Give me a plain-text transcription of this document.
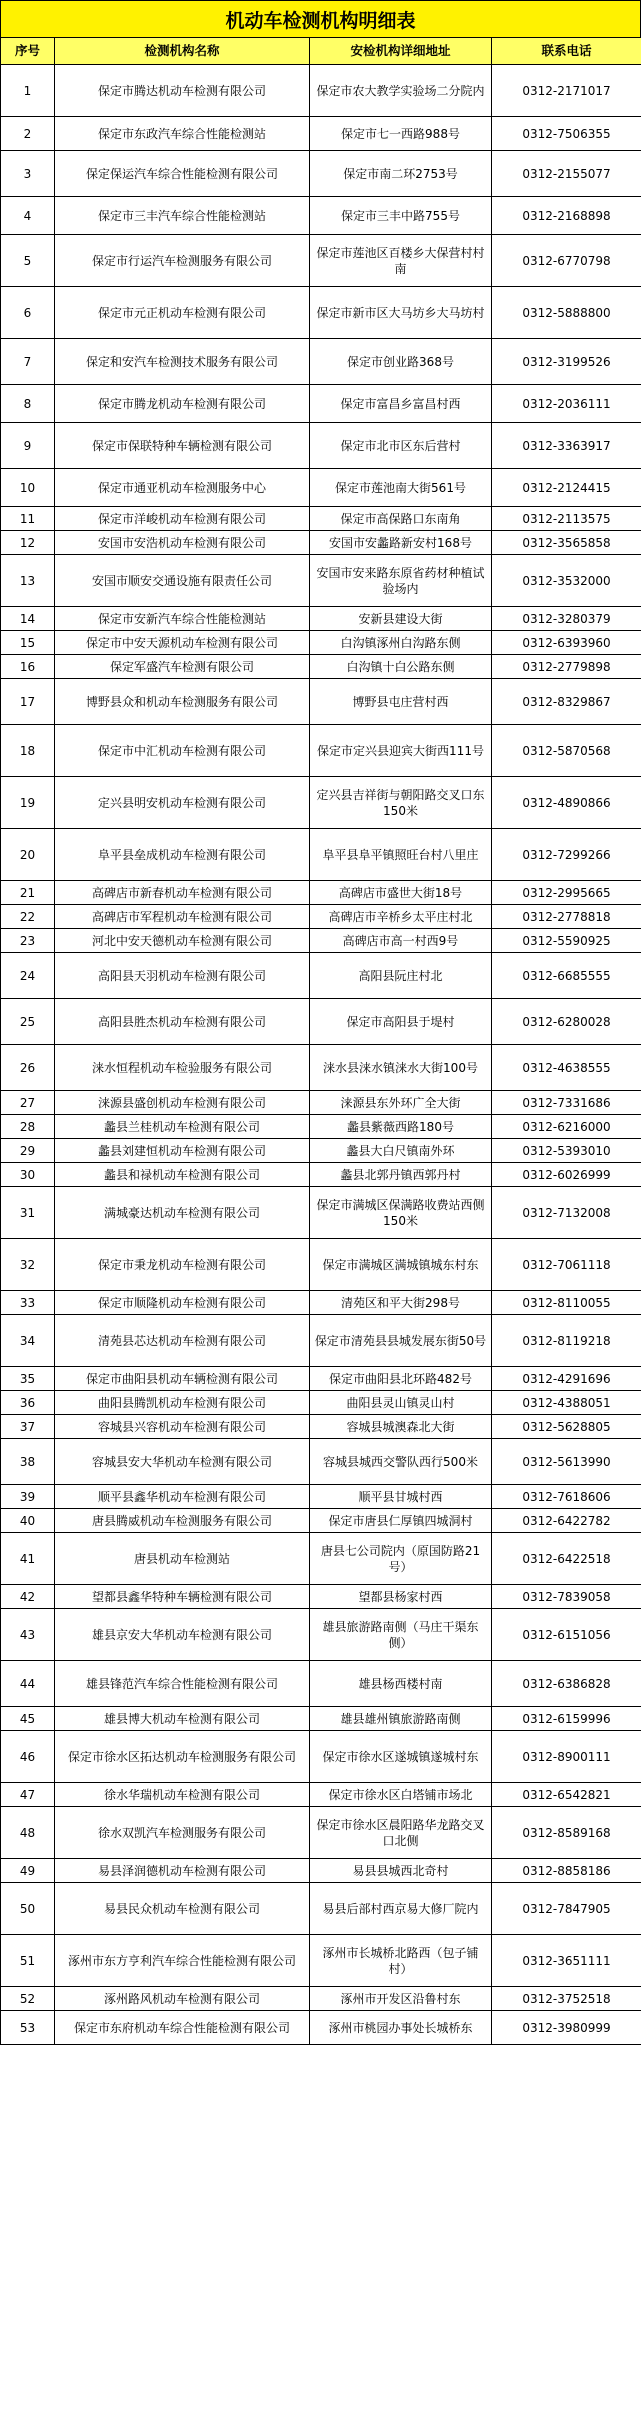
机动车检测机构明细表
序号	检测机构名称	安检机构详细地址	联系电话
1	保定市腾达机动车检测有限公司	保定市农大教学实验场二分院内	0312-2171017
2	保定市东政汽车综合性能检测站	保定市七一西路988号	0312-7506355
3	保定保运汽车综合性能检测有限公司	保定市南二环2753号	0312-2155077
4	保定市三丰汽车综合性能检测站	保定市三丰中路755号	0312-2168898
5	保定市行运汽车检测服务有限公司	保定市莲池区百楼乡大保营村村南	0312-6770798
6	保定市元正机动车检测有限公司	保定市新市区大马坊乡大马坊村	0312-5888800
7	保定和安汽车检测技术服务有限公司	保定市创业路368号	0312-3199526
8	保定市腾龙机动车检测有限公司	保定市富昌乡富昌村西	0312-2036111
9	保定市保联特种车辆检测有限公司	保定市北市区东后营村	0312-3363917
10	保定市通亚机动车检测服务中心	保定市莲池南大街561号	0312-2124415
11	保定市洋峻机动车检测有限公司	保定市高保路口东南角	0312-2113575
12	安国市安浩机动车检测有限公司	安国市安蠡路新安村168号	0312-3565858
13	安国市顺安交通设施有限责任公司	安国市安来路东原省药材种植试验场内	0312-3532000
14	保定市安新汽车综合性能检测站	安新县建设大街	0312-3280379
15	保定市中安天源机动车检测有限公司	白沟镇涿州白沟路东侧	0312-6393960
16	保定军盛汽车检测有限公司	白沟镇十白公路东侧	0312-2779898
17	博野县众和机动车检测服务有限公司	博野县屯庄营村西	0312-8329867
18	保定市中汇机动车检测有限公司	保定市定兴县迎宾大街西111号	0312-5870568
19	定兴县明安机动车检测有限公司	定兴县吉祥街与朝阳路交叉口东150米	0312-4890866
20	阜平县垒成机动车检测有限公司	阜平县阜平镇照旺台村八里庄	0312-7299266
21	高碑店市新春机动车检测有限公司	高碑店市盛世大街18号	0312-2995665
22	高碑店市军程机动车检测有限公司	高碑店市辛桥乡太平庄村北	0312-2778818
23	河北中安天德机动车检测有限公司	高碑店市高一村西9号	0312-5590925
24	高阳县天羽机动车检测有限公司	高阳县阮庄村北	0312-6685555
25	高阳县胜杰机动车检测有限公司	保定市高阳县于堤村	0312-6280028
26	涞水恒程机动车检验服务有限公司	涞水县涞水镇涞水大街100号	0312-4638555
27	涞源县盛创机动车检测有限公司	涞源县东外环广全大街	0312-7331686
28	蠡县兰桂机动车检测有限公司	蠡县紫薇西路180号	0312-6216000
29	蠡县刘建恒机动车检测有限公司	蠡县大白尺镇南外环	0312-5393010
30	蠡县和禄机动车检测有限公司	蠡县北郭丹镇西郭丹村	0312-6026999
31	满城豪达机动车检测有限公司	保定市满城区保满路收费站西侧150米	0312-7132008
32	保定市秉龙机动车检测有限公司	保定市满城区满城镇城东村东	0312-7061118
33	保定市顺隆机动车检测有限公司	清苑区和平大街298号	0312-8110055
34	清苑县芯达机动车检测有限公司	保定市清苑县县城发展东街50号	0312-8119218
35	保定市曲阳县机动车辆检测有限公司	保定市曲阳县北环路482号	0312-4291696
36	曲阳县腾凯机动车检测有限公司	曲阳县灵山镇灵山村	0312-4388051
37	容城县兴容机动车检测有限公司	容城县城澳森北大街	0312-5628805
38	容城县安大华机动车检测有限公司	容城县城西交警队西行500米	0312-5613990
39	顺平县鑫华机动车检测有限公司	顺平县甘城村西	0312-7618606
40	唐县腾威机动车检测服务有限公司	保定市唐县仁厚镇四城洞村	0312-6422782
41	唐县机动车检测站	唐县七公司院内（原国防路21号）	0312-6422518
42	望都县鑫华特种车辆检测有限公司	望都县杨家村西	0312-7839058
43	雄县京安大华机动车检测有限公司	雄县旅游路南侧（马庄干渠东侧）	0312-6151056
44	雄县锋范汽车综合性能检测有限公司	雄县杨西楼村南	0312-6386828
45	雄县博大机动车检测有限公司	雄县雄州镇旅游路南侧	0312-6159996
46	保定市徐水区拓达机动车检测服务有限公司	保定市徐水区遂城镇遂城村东	0312-8900111
47	徐水华瑞机动车检测有限公司	保定市徐水区白塔铺市场北	0312-6542821
48	徐水双凯汽车检测服务有限公司	保定市徐水区晨阳路华龙路交叉口北侧	0312-8589168
49	易县泽润德机动车检测有限公司	易县县城西北奇村	0312-8858186
50	易县民众机动车检测有限公司	易县后部村西京易大修厂院内	0312-7847905
51	涿州市东方亨利汽车综合性能检测有限公司	涿州市长城桥北路西（包子铺村）	0312-3651111
52	涿州路风机动车检测有限公司	涿州市开发区沿鲁村东	0312-3752518
53	保定市东府机动车综合性能检测有限公司	涿州市桃园办事处长城桥东	0312-3980999
